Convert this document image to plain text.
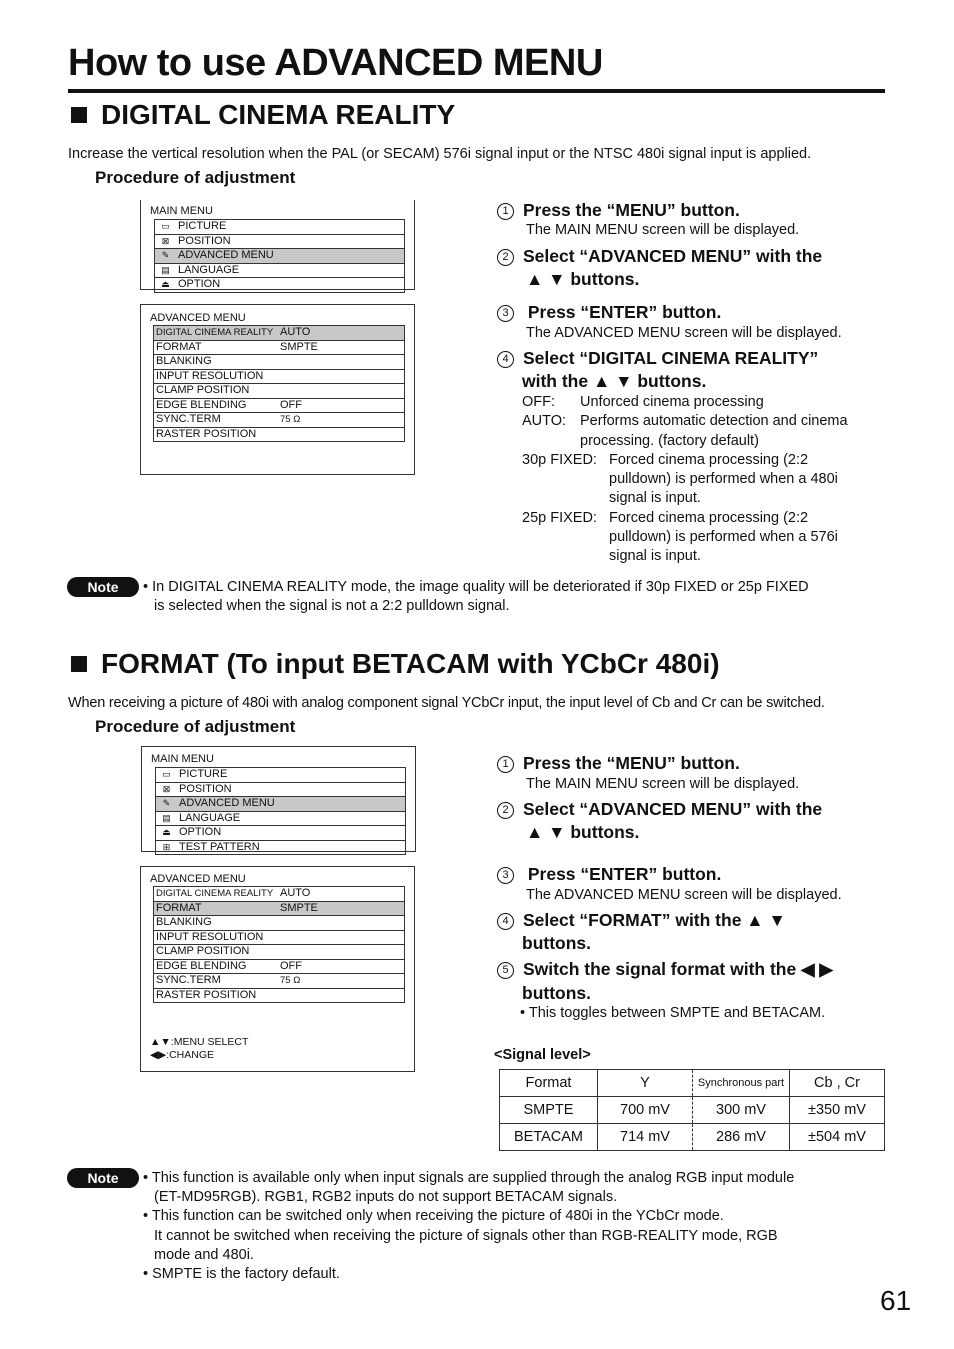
How to use ADVANCED MENU
DIGITAL CINEMA REALITY
Increase the vertical resolution when the PAL (or SECAM) 576i signal input or the NTSC 480i signal input is applied.
Procedure of adjustment
MAIN MENU
▭ PICTURE
⊠ POSITION
✎ ADVANCED MENU
▤ LANGUAGE
⏏ OPTION
ADVANCED MENU
DIGITAL CINEMA REALITY AUTO
FORMAT	SMPTE
BLANKING
INPUT RESOLUTION
CLAMP POSITION
EDGE BLENDING	OFF
SYNC.TERM	75 Ω
RASTER POSITION
1 Press the “MENU” button.
The MAIN MENU screen will be displayed.
2 Select “ADVANCED MENU” with the
▲ ▼ buttons.
3 Press “ENTER” button.
The ADVANCED MENU screen will be displayed.
4 Select “DIGITAL CINEMA REALITY”
with the ▲ ▼ buttons.
OFF: Unforced cinema processing
AUTO: Performs automatic detection and cinema
processing. (factory default)
30p FIXED: Forced cinema processing (2:2
pulldown) is performed when a 480i
signal is input.
25p FIXED: Forced cinema processing (2:2
pulldown) is performed when a 576i
signal is input.
Note	• In DIGITAL CINEMA REALITY mode, the image quality will be deteriorated if 30p FIXED or 25p FIXED
is selected when the signal is not a 2:2 pulldown signal.
FORMAT (To input BETACAM with YCbCr 480i)
When receiving a picture of 480i with analog component signal YCbCr input, the input level of Cb and Cr can be switched.
Procedure of adjustment
MAIN MENU
▭ PICTURE
⊠ POSITION
✎ ADVANCED MENU
▤ LANGUAGE
⏏ OPTION
⊞ TEST PATTERN
ADVANCED MENU
DIGITAL CINEMA REALITY AUTO
FORMAT	SMPTE
BLANKING
INPUT RESOLUTION
CLAMP POSITION
EDGE BLENDING	OFF
SYNC.TERM	75 Ω
RASTER POSITION
▲▼:MENU SELECT
◀▶:CHANGE
1 Press the “MENU” button.
The MAIN MENU screen will be displayed.
2 Select “ADVANCED MENU” with the
▲ ▼ buttons.
3 Press “ENTER” button.
The ADVANCED MENU screen will be displayed.
4 Select “FORMAT” with the ▲ ▼
buttons.
5 Switch the signal format with the ◀ ▶
buttons.
• This toggles between SMPTE and BETACAM.
<Signal level>
Format	Y	Synchronous part	Cb , Cr
SMPTE	700 mV	300 mV	±350 mV
BETACAM	714 mV	286 mV	±504 mV
Note	• This function is available only when input signals are supplied through the analog RGB input module
(ET-MD95RGB). RGB1, RGB2 inputs do not support BETACAM signals.
• This function can be switched only when receiving the picture of 480i in the YCbCr mode.
It cannot be switched when receiving the picture of signals other than RGB-REALITY mode, RGB
mode and 480i.
• SMPTE is the factory default.
61
